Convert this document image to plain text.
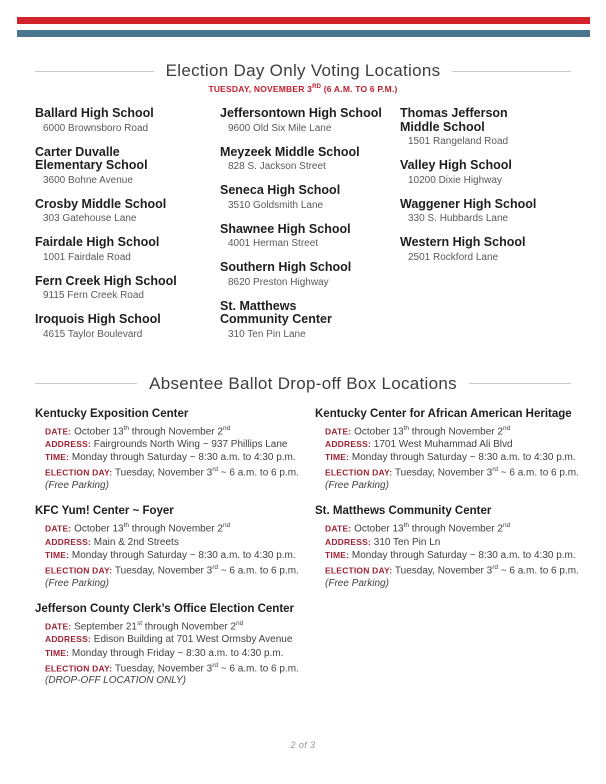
Election Day Only Voting Locations
TUESDAY, NOVEMBER 3RD (6 A.M. TO 6 P.M.)
Ballard High School
6000 Brownsboro Road
Carter Duvalle
Elementary School
3600 Bohne Avenue
Crosby Middle School
303 Gatehouse Lane
Fairdale High School
1001 Fairdale Road
Fern Creek High School
9115 Fern Creek Road
Iroquois High School
4615 Taylor Boulevard
Jeffersontown High School
9600 Old Six Mile Lane
Meyzeek Middle School
828 S. Jackson Street
Seneca High School
3510 Goldsmith Lane
Shawnee High School
4001 Herman Street
Southern High School
8620 Preston Highway
St. Matthews
Community Center
310 Ten Pin Lane
Thomas Jefferson
Middle School
1501 Rangeland Road
Valley High School
10200 Dixie Highway
Waggener High School
330 S. Hubbards Lane
Western High School
2501 Rockford Lane
Absentee Ballot Drop-off Box Locations
Kentucky Exposition Center
DATE: October 13th through November 2nd
ADDRESS: Fairgrounds North Wing ~ 937 Phillips Lane
TIME: Monday through Saturday ~ 8:30 a.m. to 4:30 p.m.
ELECTION DAY: Tuesday, November 3rd ~ 6 a.m. to 6 p.m.
(Free Parking)
KFC Yum! Center ~ Foyer
DATE: October 13th through November 2nd
ADDRESS: Main & 2nd Streets
TIME: Monday through Saturday ~ 8:30 a.m. to 4:30 p.m.
ELECTION DAY: Tuesday, November 3rd ~ 6 a.m. to 6 p.m.
(Free Parking)
Jefferson County Clerk’s Office Election Center
DATE: September 21st through November 2nd
ADDRESS: Edison Building at 701 West Ormsby Avenue
TIME: Monday through Friday ~ 8:30 a.m. to 4:30 p.m.
ELECTION DAY: Tuesday, November 3rd ~ 6 a.m. to 6 p.m.
(DROP-OFF LOCATION ONLY)
Kentucky Center for African American Heritage
DATE: October 13th through November 2nd
ADDRESS: 1701 West Muhammad Ali Blvd
TIME: Monday through Saturday ~ 8:30 a.m. to 4:30 p.m.
ELECTION DAY: Tuesday, November 3rd ~ 6 a.m. to 6 p.m.
(Free Parking)
St. Matthews Community Center
DATE: October 13th through November 2nd
ADDRESS: 310 Ten Pin Ln
TIME: Monday through Saturday ~ 8:30 a.m. to 4:30 p.m.
ELECTION DAY: Tuesday, November 3rd ~ 6 a.m. to 6 p.m.
(Free Parking)
2 of 3
